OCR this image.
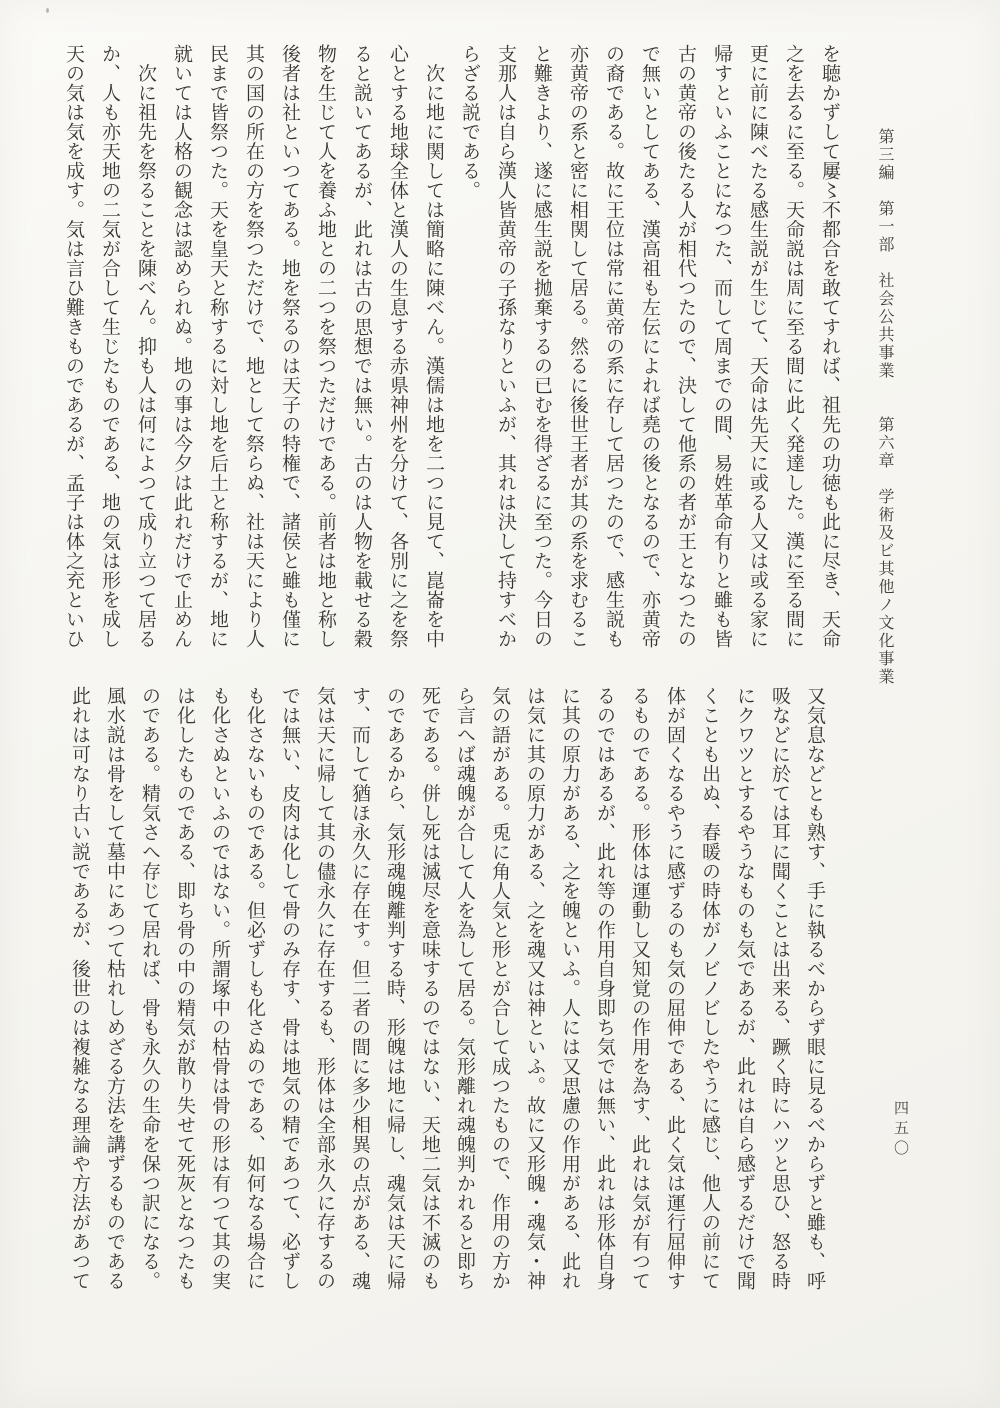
第三編　第一部　社会公共事業　　第六章　学術及ビ其他ノ文化事業

を聴かずして屢〻不都合を敢てすれば、祖先の功徳も此に尽き、天命

之を去るに至る。天命説は周に至る間に此く発達した。漢に至る間に

更に前に陳べたる感生説が生じて、天命は先天に或る人又は或る家に

帰すといふことになつた、而して周までの間、易姓革命有りと雖も皆

古の黄帝の後たる人が相代つたので、決して他系の者が王となつたの

で無いとしてある、漢高祖も左伝によれば堯の後となるので、亦黄帝

の裔である。故に王位は常に黄帝の系に存して居つたので、感生説も

亦黄帝の系と密に相関して居る。然るに後世王者が其の系を求むるこ

と難きより、遂に感生説を拋棄するの已むを得ざるに至つた。今日の

支那人は自ら漢人皆黄帝の子孫なりといふが、其れは決して持すべか

らざる説である。

　次に地に関しては簡略に陳べん。漢儒は地を二つに見て、崑崙を中

心とする地球全体と漢人の生息する赤県神州を分けて、各別に之を祭

ると説いてあるが、此れは古の思想では無い。古のは人物を載せる穀

物を生じて人を養ふ地との二つを祭つただけである。前者は地と称し

後者は社といつてある。地を祭るのは天子の特権で、諸侯と雖も僅に

其の国の所在の方を祭つただけで、地として祭らぬ、社は天により人

民まで皆祭つた。天を皇天と称するに対し地を后土と称するが、地に

就いては人格の観念は認められぬ。地の事は今夕は此れだけで止めん

　次に祖先を祭ることを陳べん。抑も人は何によつて成り立つて居る

か、人も亦天地の二気が合して生じたものである、地の気は形を成し

天の気は気を成す。気は言ひ難きものであるが、孟子は体之充といひ

又気息などとも熟す、手に執るべからず眼に見るべからずと雖も、呼

吸などに於ては耳に聞くことは出来る、蹶く時にハツと思ひ、怒る時

にクワツとするやうなものも気であるが、此れは自ら感ずるだけで聞

くことも出ぬ、春暖の時体がノビノビしたやうに感じ、他人の前にて

体が固くなるやうに感ずるのも気の屈伸である、此く気は運行屈伸す

るものである。形体は運動し又知覚の作用を為す、此れは気が有つて

るのではあるが、此れ等の作用自身即ち気では無い、此れは形体自身

に其の原力がある、之を魄といふ。人には又思慮の作用がある、此れ

は気に其の原力がある、之を魂又は神といふ。故に又形魄・魂気・神

気の語がある。兎に角人気と形とが合して成つたもので、作用の方か

ら言へば魂魄が合して人を為して居る。気形離れ魂魄判かれると即ち

死である。併し死は滅尽を意味するのではない、天地二気は不滅のも

のであるから、気形魂魄離判する時、形魄は地に帰し、魂気は天に帰

す、而して猶ほ永久に存在す。但二者の間に多少相異の点がある、魂

気は天に帰して其の儘永久に存在するも、形体は全部永久に存するの

では無い、皮肉は化して骨のみ存す、骨は地気の精であつて、必ずし

も化さないものである。但必ずしも化さぬのである、如何なる場合に

も化さぬといふのではない。所謂塚中の枯骨は骨の形は有つて其の実

は化したものである、即ち骨の中の精気が散り失せて死灰となつたも

のである。精気さへ存じて居れば、骨も永久の生命を保つ訳になる。

風水説は骨をして墓中にあつて枯れしめざる方法を講ずるものである

此れは可なり古い説であるが、後世のは複雑なる理論や方法があつて	四五〇
